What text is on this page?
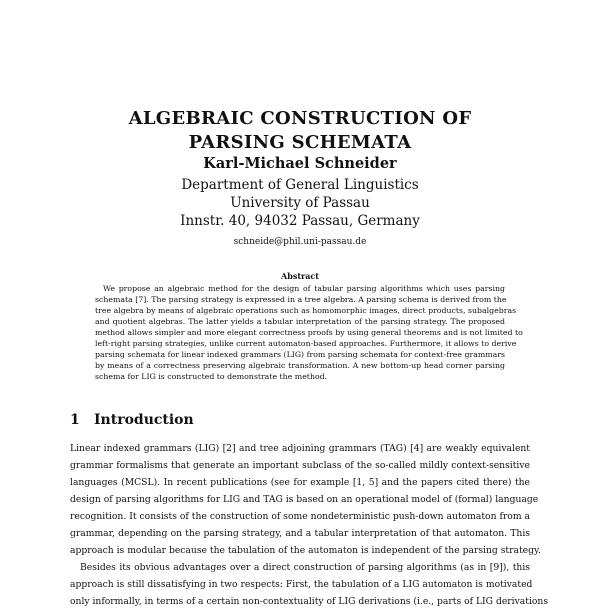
ALGEBRAIC CONSTRUCTION OF
PARSING SCHEMATA
Karl-Michael Schneider
Department of General Linguistics
University of Passau
Innstr. 40, 94032 Passau, Germany
schneide@phil.uni-passau.de
Abstract
We propose an algebraic method for the design of tabular parsing algorithms which uses parsing
schemata [7]. The parsing strategy is expressed in a tree algebra. A parsing schema is derived from the
tree algebra by means of algebraic operations such as homomorphic images, direct products, subalgebras
and quotient algebras. The latter yields a tabular interpretation of the parsing strategy. The proposed
method allows simpler and more elegant correctness proofs by using general theorems and is not limited to
left-right parsing strategies, unlike current automaton-based approaches. Furthermore, it allows to derive
parsing schemata for linear indexed grammars (LIG) from parsing schemata for context-free grammars
by means of a correctness preserving algebraic transformation. A new bottom-up head corner parsing
schema for LIG is constructed to demonstrate the method.
1 Introduction
Linear indexed grammars (LIG) [2] and tree adjoining grammars (TAG) [4] are weakly equivalent
grammar formalisms that generate an important subclass of the so-called mildly context-sensitive
languages (MCSL). In recent publications (see for example [1, 5] and the papers cited there) the
design of parsing algorithms for LIG and TAG is based on an operational model of (formal) language
recognition. It consists of the construction of some nondeterministic push-down automaton from a
grammar, depending on the parsing strategy, and a tabular interpretation of that automaton. This
approach is modular because the tabulation of the automaton is independent of the parsing strategy.
Besides its obvious advantages over a direct construction of parsing algorithms (as in [9]), this
approach is still dissatisfying in two respects: First, the tabulation of a LIG automaton is motivated
only informally, in terms of a certain non-contextuality of LIG derivations (i.e., parts of LIG derivations
